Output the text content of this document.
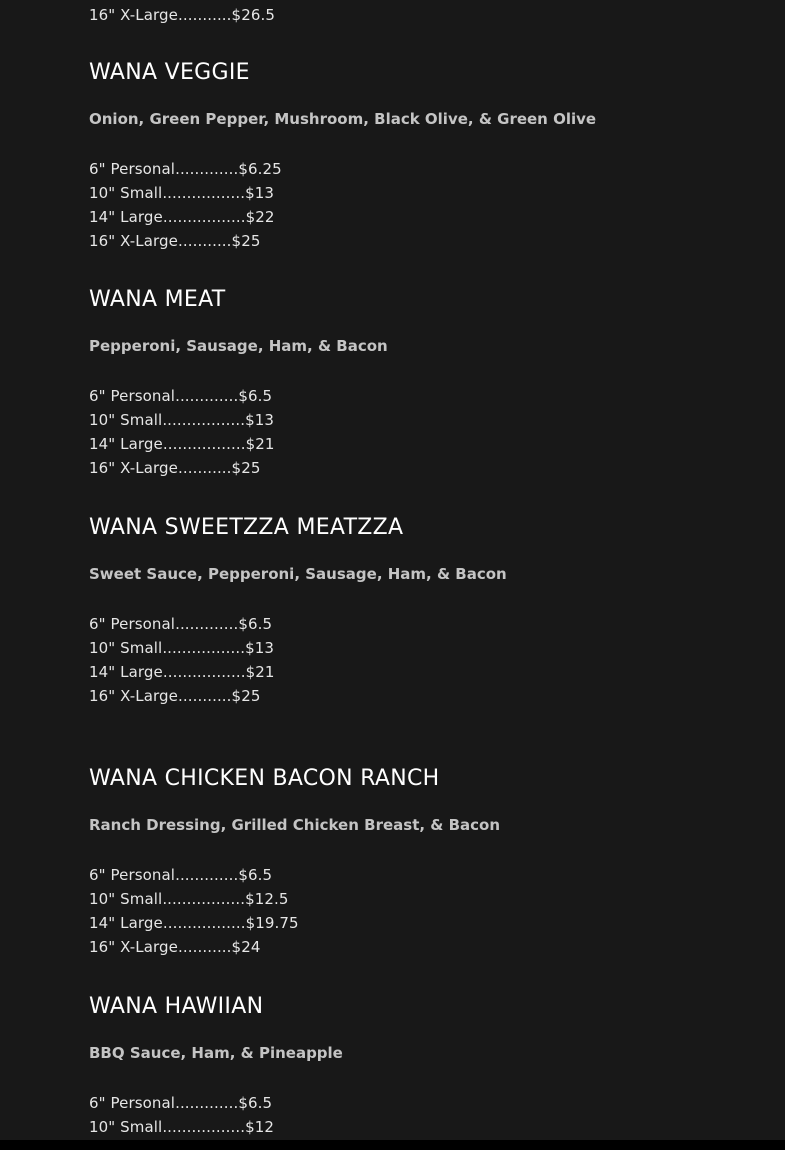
16" X-Large...........$26.5
WANA VEGGIE
Onion, Green Pepper, Mushroom, Black Olive, & Green Olive
6" Personal.............$6.25
10" Small.................$13
14" Large.................$22
16" X-Large...........$25
WANA MEAT
Pepperoni, Sausage, Ham, & Bacon
6" Personal.............$6.5
10" Small.................$13
14" Large.................$21
16" X-Large...........$25
WANA SWEETZZA MEATZZA
Sweet Sauce, Pepperoni, Sausage, Ham, & Bacon
6" Personal.............$6.5
10" Small.................$13
14" Large.................$21
16" X-Large...........$25
WANA CHICKEN BACON RANCH
Ranch Dressing, Grilled Chicken Breast, & Bacon
6" Personal.............$6.5
10" Small.................$12.5
14" Large.................$19.75
16" X-Large...........$24
WANA HAWIIAN
BBQ Sauce, Ham, & Pineapple
6" Personal.............$6.5
10" Small.................$12
